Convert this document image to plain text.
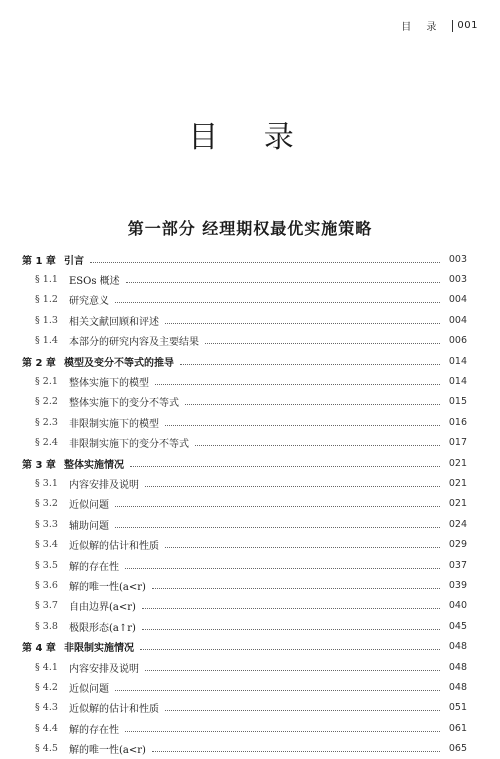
目 录 001
目 录
第一部分 经理期权最优实施策略
第 1 章 引言	003
§ 1.1	ESOs 概述	003
§ 1.2	研究意义	004
§ 1.3	相关文献回顾和评述	004
§ 1.4	本部分的研究内容及主要结果	006
第 2 章 模型及变分不等式的推导	014
§ 2.1	整体实施下的模型	014
§ 2.2	整体实施下的变分不等式	015
§ 2.3	非限制实施下的模型	016
§ 2.4	非限制实施下的变分不等式	017
第 3 章 整体实施情况	021
§ 3.1	内容安排及说明	021
§ 3.2	近似问题	021
§ 3.3	辅助问题	024
§ 3.4	近似解的估计和性质	029
§ 3.5	解的存在性	037
§ 3.6	解的唯一性(a<r)	039
§ 3.7	自由边界(a<r)	040
§ 3.8	极限形态(a↑r)	045
第 4 章 非限制实施情况	048
§ 4.1	内容安排及说明	048
§ 4.2	近似问题	048
§ 4.3	近似解的估计和性质	051
§ 4.4	解的存在性	061
§ 4.5	解的唯一性(a<r)	065
